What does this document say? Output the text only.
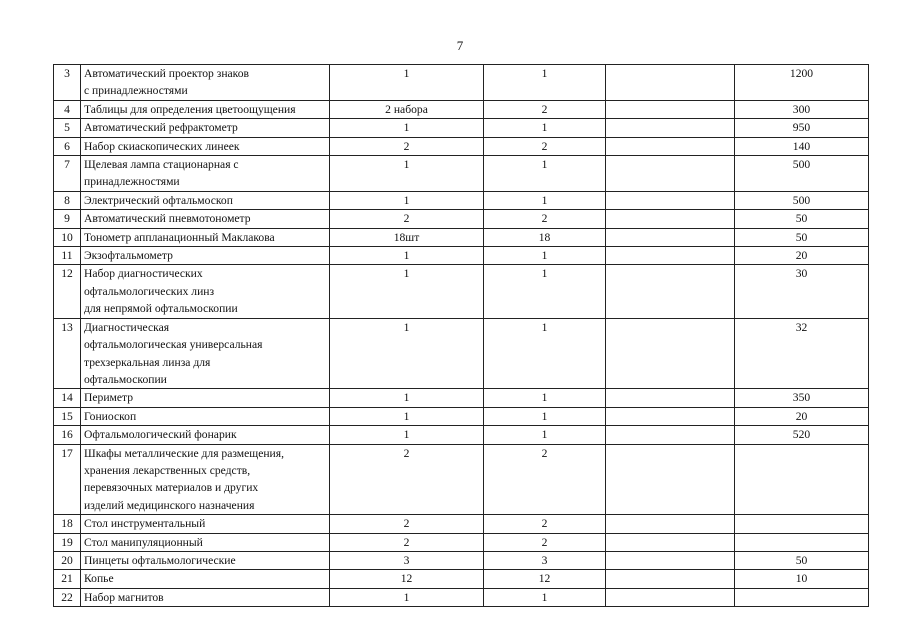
7
3	Автоматический проектор знаков
с принадлежностями	1	1		1200
4	Таблицы для определения цветоощущения	2 набора	2		300
5	Автоматический рефрактометр	1	1		950
6	Набор скиаскопических линеек	2	2		140
7	Щелевая лампа стационарная с
принадлежностями	1	1		500
8	Электрический офтальмоскоп	1	1		500
9	Автоматический пневмотонометр	2	2		50
10	Тонометр аппланационный Маклакова	18шт	18		50
11	Экзофтальмометр	1	1		20
12	Набор диагностических
офтальмологических линз
для непрямой офтальмоскопии	1	1		30
13	Диагностическая
офтальмологическая универсальная
трехзеркальная линза для
офтальмоскопии	1	1		32
14	Периметр	1	1		350
15	Гониоскоп	1	1		20
16	Офтальмологический фонарик	1	1		520
17	Шкафы металлические для размещения,
хранения лекарственных средств,
перевязочных материалов и других
изделий медицинского назначения	2	2		
18	Стол инструментальный	2	2		
19	Стол манипуляционный	2	2		
20	Пинцеты офтальмологические	3	3		50
21	Копье	12	12		10
22	Набор магнитов	1	1		
